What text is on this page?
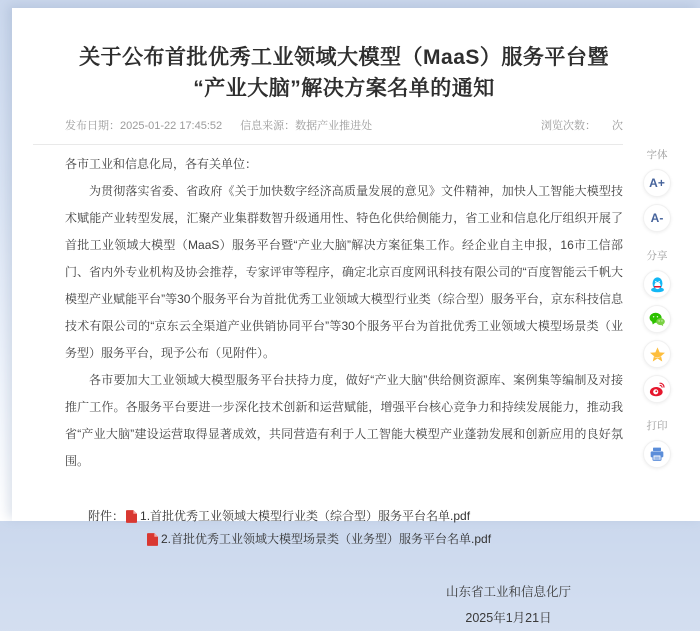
关于公布首批优秀工业领域大模型（MaaS）服务平台暨
“产业大脑”解决方案名单的通知
发布日期：2025-01-22 17:45:52 信息来源：数据产业推进处	浏览次数： 次
各市工业和信息化局，各有关单位：
为贯彻落实省委、省政府《关于加快数字经济高质量发展的意见》文件精神，加快人工智能大模型技术赋能产业转型发展，汇聚产业集群数智升级通用性、特色化供给侧能力，省工业和信息化厅组织开展了首批工业领域大模型（MaaS）服务平台暨“产业大脑”解决方案征集工作。经企业自主申报，16市工信部门、省内外专业机构及协会推荐，专家评审等程序，确定北京百度网讯科技有限公司的“百度智能云千帆大模型产业赋能平台”等30个服务平台为首批优秀工业领域大模型行业类（综合型）服务平台，京东科技信息技术有限公司的“京东云全渠道产业供销协同平台”等30个服务平台为首批优秀工业领域大模型场景类（业务型）服务平台，现予公布（见附件）。
各市要加大工业领域大模型服务平台扶持力度，做好“产业大脑”供给侧资源库、案例集等编制及对接推广工作。各服务平台要进一步深化技术创新和运营赋能，增强平台核心竞争力和持续发展能力，推动我省“产业大脑”建设运营取得显著成效，共同营造有利于人工智能大模型产业蓬勃发展和创新应用的良好氛围。
附件： 1.首批优秀工业领域大模型行业类（综合型）服务平台名单.pdf
2.首批优秀工业领域大模型场景类（业务型）服务平台名单.pdf
山东省工业和信息化厅
2025年1月21日
字体
A+
A-
分享
打印
